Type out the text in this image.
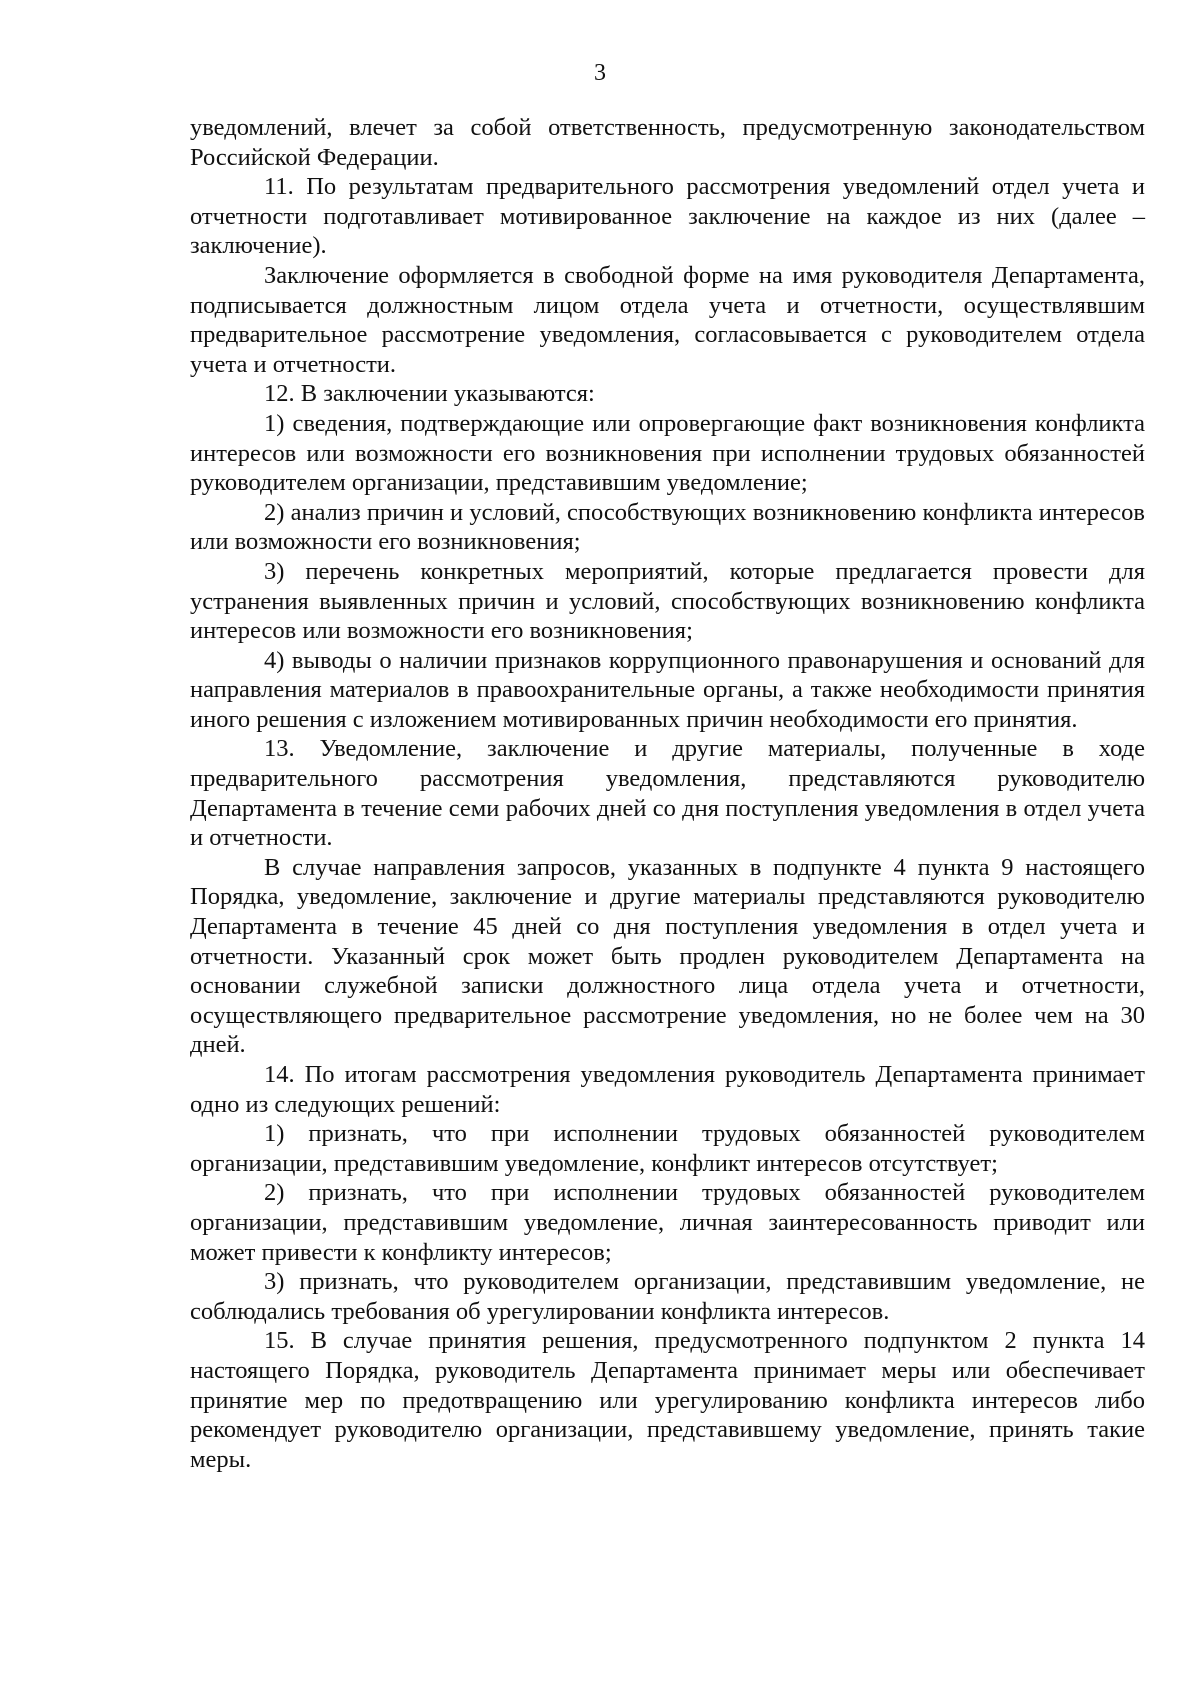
3

уведомлений, влечет за собой ответственность, предусмотренную законодательством Российской Федерации.

11. По результатам предварительного рассмотрения уведомлений отдел учета и отчетности подготавливает мотивированное заключение на каждое из них (далее – заключение).

Заключение оформляется в свободной форме на имя руководителя Департамента, подписывается должностным лицом отдела учета и отчетности, осуществлявшим предварительное рассмотрение уведомления, согласовывается с руководителем отдела учета и отчетности.

12. В заключении указываются:

1) сведения, подтверждающие или опровергающие факт возникновения конфликта интересов или возможности его возникновения при исполнении трудовых обязанностей руководителем организации, представившим уведомление;

2) анализ причин и условий, способствующих возникновению конфликта интересов или возможности его возникновения;

3) перечень конкретных мероприятий, которые предлагается провести для устранения выявленных причин и условий, способствующих возникновению конфликта интересов или возможности его возникновения;

4) выводы о наличии признаков коррупционного правонарушения и оснований для направления материалов в правоохранительные органы, а также необходимости принятия иного решения с изложением мотивированных причин необходимости его принятия.

13. Уведомление, заключение и другие материалы, полученные в ходе предварительного рассмотрения уведомления, представляются руководителю Департамента в течение семи рабочих дней со дня поступления уведомления в отдел учета и отчетности.

В случае направления запросов, указанных в подпункте 4 пункта 9 настоящего Порядка, уведомление, заключение и другие материалы представляются руководителю Департамента в течение 45 дней со дня поступления уведомления в отдел учета и отчетности. Указанный срок может быть продлен руководителем Департамента на основании служебной записки должностного лица отдела учета и отчетности, осуществляющего предварительное рассмотрение уведомления, но не более чем на 30 дней.

14. По итогам рассмотрения уведомления руководитель Департамента принимает одно из следующих решений:

1) признать, что при исполнении трудовых обязанностей руководителем организации, представившим уведомление, конфликт интересов отсутствует;

2) признать, что при исполнении трудовых обязанностей руководителем организации, представившим уведомление, личная заинтересованность приводит или может привести к конфликту интересов;

3) признать, что руководителем организации, представившим уведомление, не соблюдались требования об урегулировании конфликта интересов.

15. В случае принятия решения, предусмотренного подпунктом 2 пункта 14 настоящего Порядка, руководитель Департамента принимает меры или обеспечивает принятие мер по предотвращению или урегулированию конфликта интересов либо рекомендует руководителю организации, представившему уведомление, принять такие меры.
